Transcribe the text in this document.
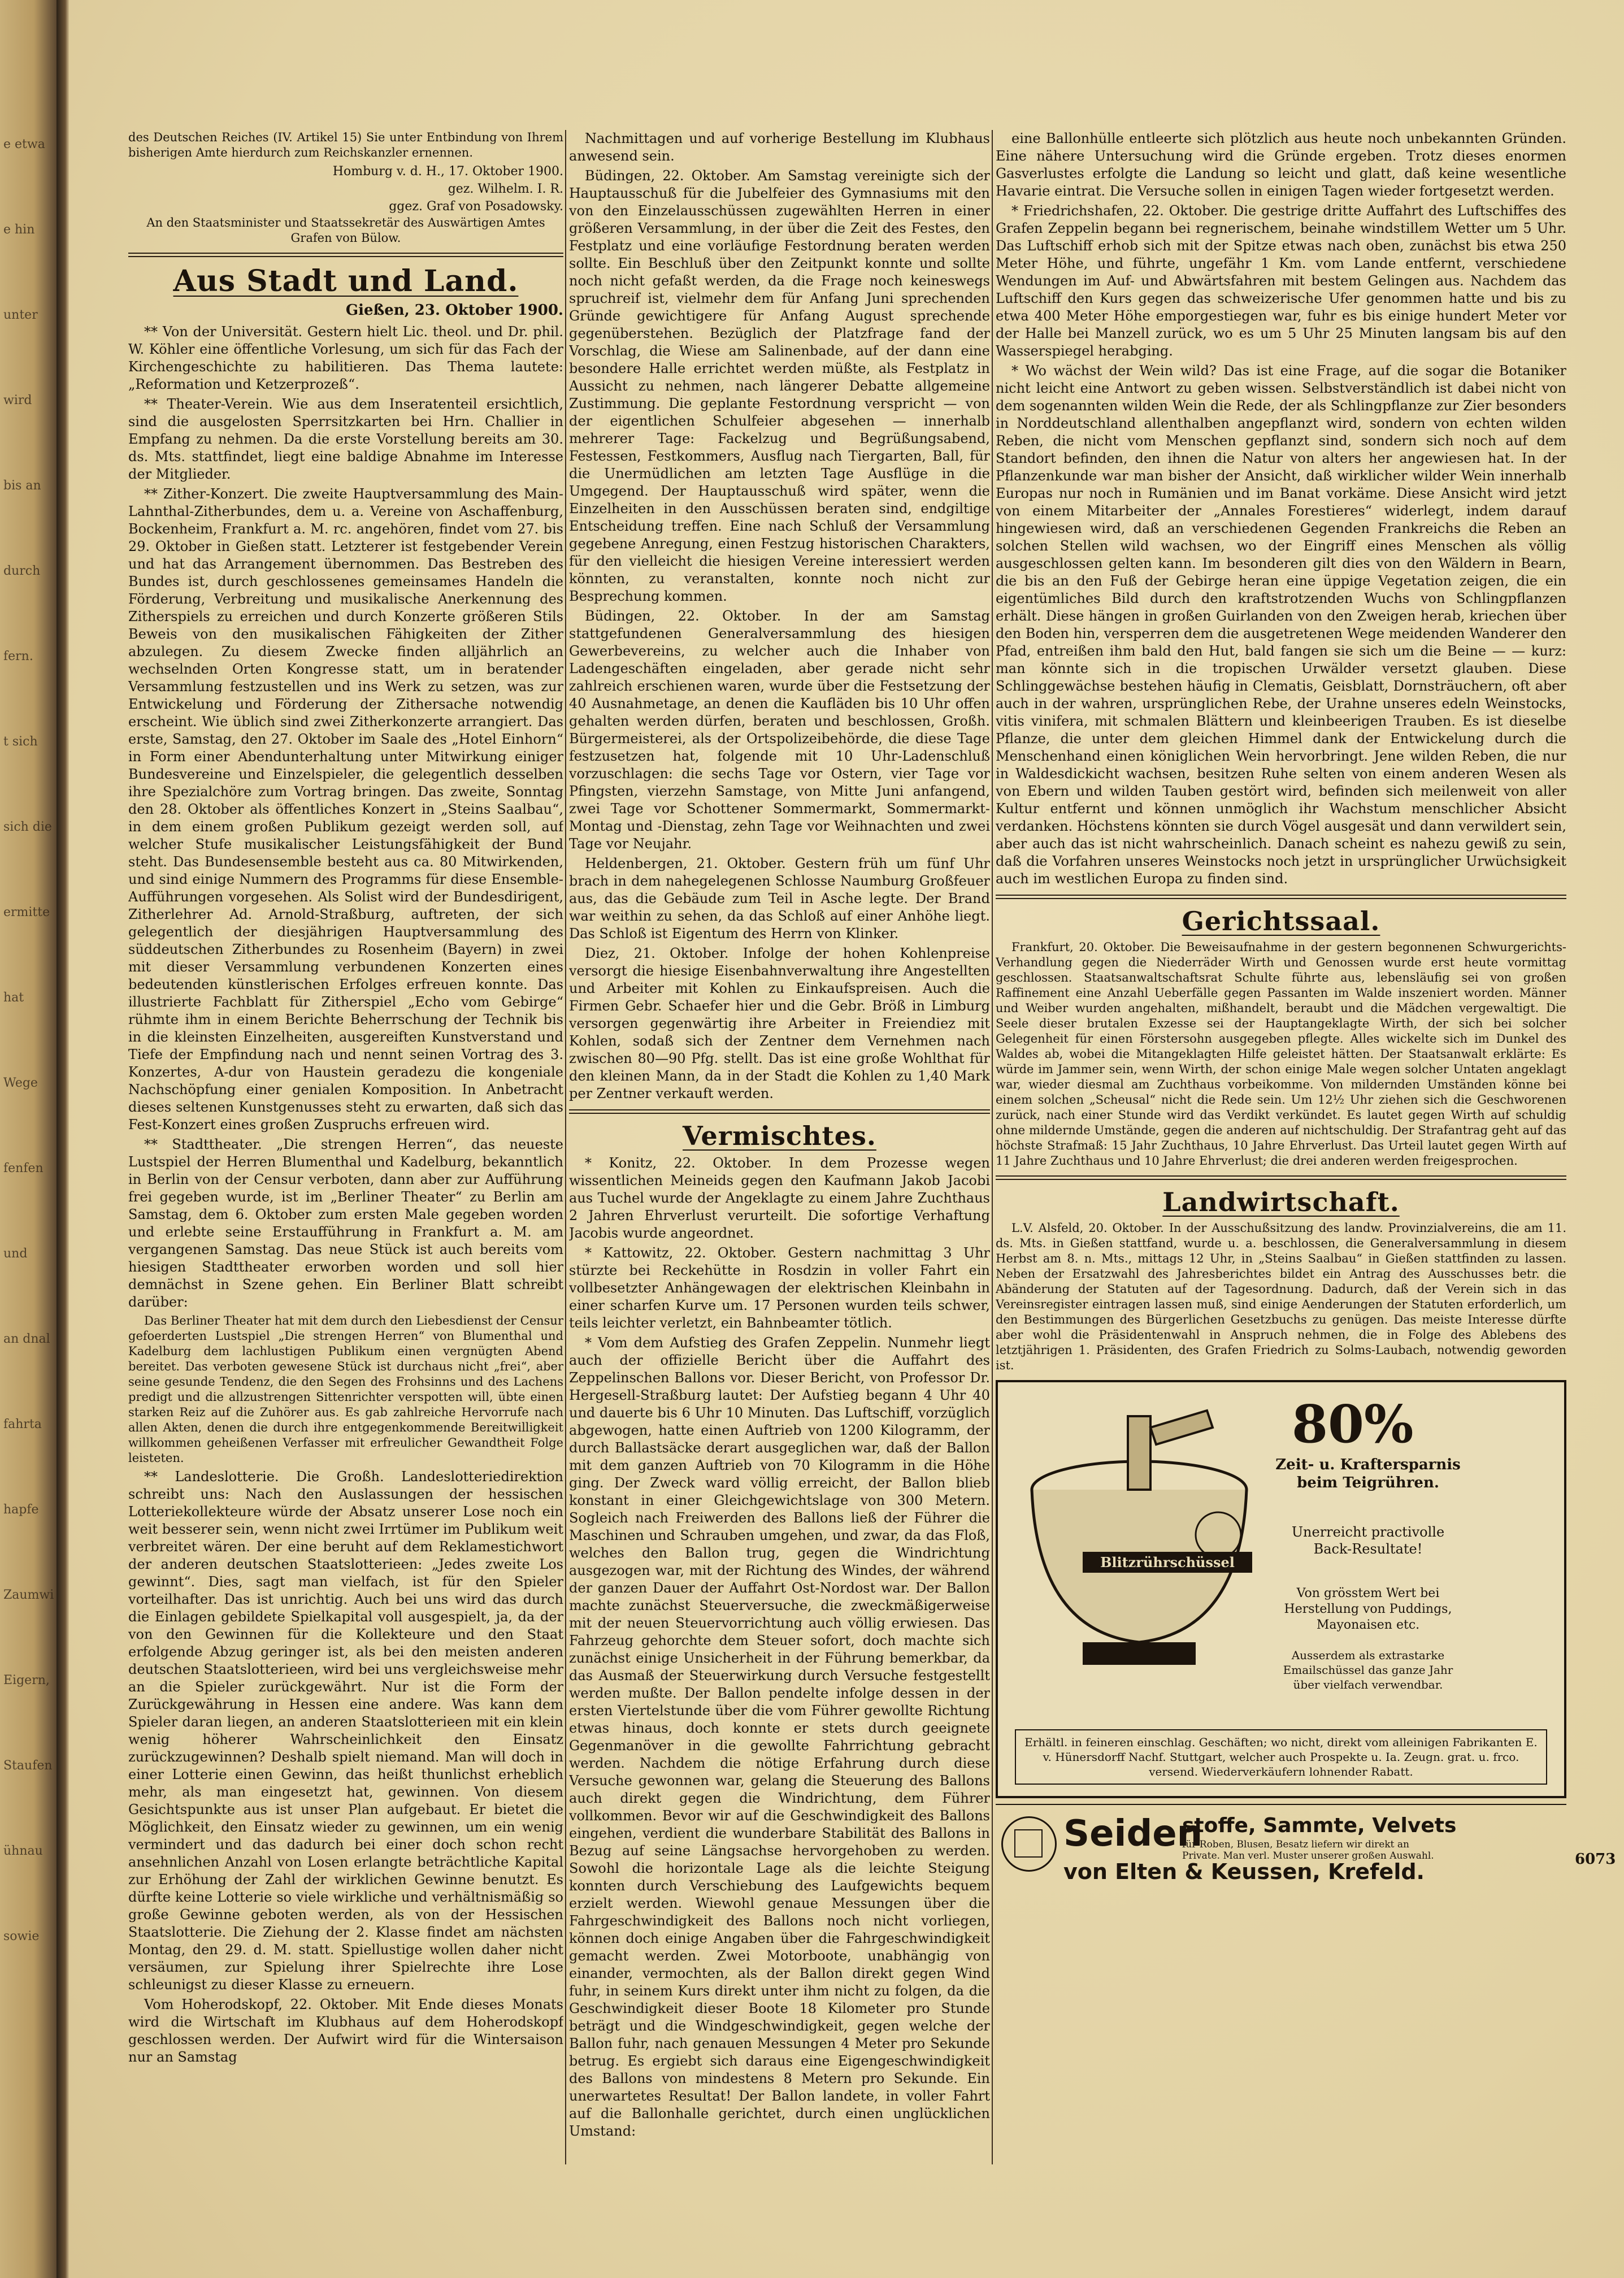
e etwa
e hin
unter
wird
bis an
durch
fern.
t sich
sich die
ermitte
hat
Wege
fenfen
und
an dnal
fahrta
hapfe
Zaumwi
Eigern,
Staufen
ühnau
sowie

des Deutschen Reiches (IV. Artikel 15) Sie unter Entbindung von Ihrem bisherigen Amte hierdurch zum Reichskanzler ernennen.

Homburg v. d. H., 17. Oktober 1900.

gez. Wilhelm. I. R.

ggez. Graf von Posadowsky.

An den Staatsminister und Staatssekretär des Auswärtigen Amtes Grafen von Bülow.

Aus Stadt und Land.
Gießen, 23. Oktober 1900.

** Von der Universität. Gestern hielt Lic. theol. und Dr. phil. W. Köhler eine öffentliche Vorlesung, um sich für das Fach der Kirchengeschichte zu habilitieren. Das Thema lautete: „Reformation und Ketzerprozeß“.

** Theater-Verein. Wie aus dem Inseratenteil ersichtlich, sind die ausgelosten Sperrsitzkarten bei Hrn. Challier in Empfang zu nehmen. Da die erste Vorstellung bereits am 30. ds. Mts. stattfindet, liegt eine baldige Abnahme im Interesse der Mitglieder.

** Zither-Konzert. Die zweite Hauptversammlung des Main-Lahnthal-Zitherbundes, dem u. a. Vereine von Aschaffenburg, Bockenheim, Frankfurt a. M. rc. angehören, findet vom 27. bis 29. Oktober in Gießen statt. Letzterer ist festgebender Verein und hat das Arrangement übernommen. Das Bestreben des Bundes ist, durch geschlossenes gemeinsames Handeln die Förderung, Verbreitung und musikalische Anerkennung des Zitherspiels zu erreichen und durch Konzerte größeren Stils Beweis von den musikalischen Fähigkeiten der Zither abzulegen. Zu diesem Zwecke finden alljährlich an wechselnden Orten Kongresse statt, um in beratender Versammlung festzustellen und ins Werk zu setzen, was zur Entwickelung und Förderung der Zithersache notwendig erscheint. Wie üblich sind zwei Zitherkonzerte arrangiert. Das erste, Samstag, den 27. Oktober im Saale des „Hotel Einhorn“ in Form einer Abendunterhaltung unter Mitwirkung einiger Bundesvereine und Einzelspieler, die gelegentlich desselben ihre Spezialchöre zum Vortrag bringen. Das zweite, Sonntag den 28. Oktober als öffentliches Konzert in „Steins Saalbau“, in dem einem großen Publikum gezeigt werden soll, auf welcher Stufe musikalischer Leistungsfähigkeit der Bund steht. Das Bundesensemble besteht aus ca. 80 Mitwirkenden, und sind einige Nummern des Programms für diese Ensemble-Aufführungen vorgesehen. Als Solist wird der Bundesdirigent, Zitherlehrer Ad. Arnold-Straßburg, auftreten, der sich gelegentlich der diesjährigen Hauptversammlung des süddeutschen Zitherbundes zu Rosenheim (Bayern) in zwei mit dieser Versammlung verbundenen Konzerten eines bedeutenden künstlerischen Erfolges erfreuen konnte. Das illustrierte Fachblatt für Zitherspiel „Echo vom Gebirge“ rühmte ihm in einem Berichte Beherrschung der Technik bis in die kleinsten Einzelheiten, ausgereiften Kunstverstand und Tiefe der Empfindung nach und nennt seinen Vortrag des 3. Konzertes, A-dur von Haustein geradezu die kongeniale Nachschöpfung einer genialen Komposition. In Anbetracht dieses seltenen Kunstgenusses steht zu erwarten, daß sich das Fest-Konzert eines großen Zuspruchs erfreuen wird.

** Stadttheater. „Die strengen Herren“, das neueste Lustspiel der Herren Blumenthal und Kadelburg, bekanntlich in Berlin von der Censur verboten, dann aber zur Aufführung frei gegeben wurde, ist im „Berliner Theater“ zu Berlin am Samstag, dem 6. Oktober zum ersten Male gegeben worden und erlebte seine Erstaufführung in Frankfurt a. M. am vergangenen Samstag. Das neue Stück ist auch bereits vom hiesigen Stadttheater erworben worden und soll hier demnächst in Szene gehen. Ein Berliner Blatt schreibt darüber:

Das Berliner Theater hat mit dem durch den Liebesdienst der Censur gefoerderten Lustspiel „Die strengen Herren“ von Blumenthal und Kadelburg dem lachlustigen Publikum einen vergnügten Abend bereitet. Das verboten gewesene Stück ist durchaus nicht „frei“, aber seine gesunde Tendenz, die den Segen des Frohsinns und des Lachens predigt und die allzustrengen Sittenrichter verspotten will, übte einen starken Reiz auf die Zuhörer aus. Es gab zahlreiche Hervorrufe nach allen Akten, denen die durch ihre entgegenkommende Bereitwilligkeit willkommen geheißenen Verfasser mit erfreulicher Gewandtheit Folge leisteten.

** Landeslotterie. Die Großh. Landeslotteriedirektion schreibt uns: Nach den Auslassungen der hessischen Lotteriekollekteure würde der Absatz unserer Lose noch ein weit besserer sein, wenn nicht zwei Irrtümer im Publikum weit verbreitet wären. Der eine beruht auf dem Reklamestichwort der anderen deutschen Staatslotterieen: „Jedes zweite Los gewinnt“. Dies, sagt man vielfach, ist für den Spieler vorteilhafter. Das ist unrichtig. Auch bei uns wird das durch die Einlagen gebildete Spielkapital voll ausgespielt, ja, da der von den Gewinnen für die Kollekteure und den Staat erfolgende Abzug geringer ist, als bei den meisten anderen deutschen Staatslotterieen, wird bei uns vergleichsweise mehr an die Spieler zurückgewährt. Nur ist die Form der Zurückgewährung in Hessen eine andere. Was kann dem Spieler daran liegen, an anderen Staatslotterieen mit ein klein wenig höherer Wahrscheinlichkeit den Einsatz zurückzugewinnen? Deshalb spielt niemand. Man will doch in einer Lotterie einen Gewinn, das heißt thunlichst erheblich mehr, als man eingesetzt hat, gewinnen. Von diesem Gesichtspunkte aus ist unser Plan aufgebaut. Er bietet die Möglichkeit, den Einsatz wieder zu gewinnen, um ein wenig vermindert und das dadurch bei einer doch schon recht ansehnlichen Anzahl von Losen erlangte beträchtliche Kapital zur Erhöhung der Zahl der wirklichen Gewinne benutzt. Es dürfte keine Lotterie so viele wirkliche und verhältnismäßig so große Gewinne geboten werden, als von der Hessischen Staatslotterie. Die Ziehung der 2. Klasse findet am nächsten Montag, den 29. d. M. statt. Spiellustige wollen daher nicht versäumen, zur Spielung ihrer Spielrechte ihre Lose schleunigst zu dieser Klasse zu erneuern.

Vom Hoherodskopf, 22. Oktober. Mit Ende dieses Monats wird die Wirtschaft im Klubhaus auf dem Hoherodskopf geschlossen werden. Der Aufwirt wird für die Wintersaison nur an Samstag

Nachmittagen und auf vorherige Bestellung im Klubhaus anwesend sein.

Büdingen, 22. Oktober. Am Samstag vereinigte sich der Hauptausschuß für die Jubelfeier des Gymnasiums mit den von den Einzelausschüssen zugewählten Herren in einer größeren Versammlung, in der über die Zeit des Festes, den Festplatz und eine vorläufige Festordnung beraten werden sollte. Ein Beschluß über den Zeitpunkt konnte und sollte noch nicht gefaßt werden, da die Frage noch keineswegs spruchreif ist, vielmehr dem für Anfang Juni sprechenden Gründe gewichtigere für Anfang August sprechende gegenüberstehen. Bezüglich der Platzfrage fand der Vorschlag, die Wiese am Salinenbade, auf der dann eine besondere Halle errichtet werden müßte, als Festplatz in Aussicht zu nehmen, nach längerer Debatte allgemeine Zustimmung. Die geplante Festordnung verspricht — von der eigentlichen Schulfeier abgesehen — innerhalb mehrerer Tage: Fackelzug und Begrüßungsabend, Festessen, Festkommers, Ausflug nach Tiergarten, Ball, für die Unermüdlichen am letzten Tage Ausflüge in die Umgegend. Der Hauptausschuß wird später, wenn die Einzelheiten in den Ausschüssen beraten sind, endgiltige Entscheidung treffen. Eine nach Schluß der Versammlung gegebene Anregung, einen Festzug historischen Charakters, für den vielleicht die hiesigen Vereine interessiert werden könnten, zu veranstalten, konnte noch nicht zur Besprechung kommen.

Büdingen, 22. Oktober. In der am Samstag stattgefundenen Generalversammlung des hiesigen Gewerbevereins, zu welcher auch die Inhaber von Ladengeschäften eingeladen, aber gerade nicht sehr zahlreich erschienen waren, wurde über die Festsetzung der 40 Ausnahmetage, an denen die Kaufläden bis 10 Uhr offen gehalten werden dürfen, beraten und beschlossen, Großh. Bürgermeisterei, als der Ortspolizeibehörde, die diese Tage festzusetzen hat, folgende mit 10 Uhr-Ladenschluß vorzuschlagen: die sechs Tage vor Ostern, vier Tage vor Pfingsten, vierzehn Samstage, von Mitte Juni anfangend, zwei Tage vor Schottener Sommermarkt, Sommermarkt-Montag und -Dienstag, zehn Tage vor Weihnachten und zwei Tage vor Neujahr.

Heldenbergen, 21. Oktober. Gestern früh um fünf Uhr brach in dem nahegelegenen Schlosse Naumburg Großfeuer aus, das die Gebäude zum Teil in Asche legte. Der Brand war weithin zu sehen, da das Schloß auf einer Anhöhe liegt. Das Schloß ist Eigentum des Herrn von Klinker.

Diez, 21. Oktober. Infolge der hohen Kohlenpreise versorgt die hiesige Eisenbahnverwaltung ihre Angestellten und Arbeiter mit Kohlen zu Einkaufspreisen. Auch die Firmen Gebr. Schaefer hier und die Gebr. Bröß in Limburg versorgen gegenwärtig ihre Arbeiter in Freiendiez mit Kohlen, sodaß sich der Zentner dem Vernehmen nach zwischen 80—90 Pfg. stellt. Das ist eine große Wohlthat für den kleinen Mann, da in der Stadt die Kohlen zu 1,40 Mark per Zentner verkauft werden.

Vermischtes.

* Konitz, 22. Oktober. In dem Prozesse wegen wissentlichen Meineids gegen den Kaufmann Jakob Jacobi aus Tuchel wurde der Angeklagte zu einem Jahre Zuchthaus 2 Jahren Ehrverlust verurteilt. Die sofortige Verhaftung Jacobis wurde angeordnet.

* Kattowitz, 22. Oktober. Gestern nachmittag 3 Uhr stürzte bei Reckehütte in Rosdzin in voller Fahrt ein vollbesetzter Anhängewagen der elektrischen Kleinbahn in einer scharfen Kurve um. 17 Personen wurden teils schwer, teils leichter verletzt, ein Bahnbeamter tötlich.

* Vom dem Aufstieg des Grafen Zeppelin. Nunmehr liegt auch der offizielle Bericht über die Auffahrt des Zeppelinschen Ballons vor. Dieser Bericht, von Professor Dr. Hergesell-Straßburg lautet: Der Aufstieg begann 4 Uhr 40 und dauerte bis 6 Uhr 10 Minuten. Das Luftschiff, vorzüglich abgewogen, hatte einen Auftrieb von 1200 Kilogramm, der durch Ballastsäcke derart ausgeglichen war, daß der Ballon mit dem ganzen Auftrieb von 70 Kilogramm in die Höhe ging. Der Zweck ward völlig erreicht, der Ballon blieb konstant in einer Gleichgewichtslage von 300 Metern. Sogleich nach Freiwerden des Ballons ließ der Führer die Maschinen und Schrauben umgehen, und zwar, da das Floß, welches den Ballon trug, gegen die Windrichtung ausgezogen war, mit der Richtung des Windes, der während der ganzen Dauer der Auffahrt Ost-Nordost war. Der Ballon machte zunächst Steuerversuche, die zweckmäßigerweise mit der neuen Steuervorrichtung auch völlig erwiesen. Das Fahrzeug gehorchte dem Steuer sofort, doch machte sich zunächst einige Unsicherheit in der Führung bemerkbar, da das Ausmaß der Steuerwirkung durch Versuche festgestellt werden mußte. Der Ballon pendelte infolge dessen in der ersten Viertelstunde über die vom Führer gewollte Richtung etwas hinaus, doch konnte er stets durch geeignete Gegenmanöver in die gewollte Fahrrichtung gebracht werden. Nachdem die nötige Erfahrung durch diese Versuche gewonnen war, gelang die Steuerung des Ballons auch direkt gegen die Windrichtung, dem Führer vollkommen. Bevor wir auf die Geschwindigkeit des Ballons eingehen, verdient die wunderbare Stabilität des Ballons in Bezug auf seine Längsachse hervorgehoben zu werden. Sowohl die horizontale Lage als die leichte Steigung konnten durch Verschiebung des Laufgewichts bequem erzielt werden. Wiewohl genaue Messungen über die Fahrgeschwindigkeit des Ballons noch nicht vorliegen, können doch einige Angaben über die Fahrgeschwindigkeit gemacht werden. Zwei Motorboote, unabhängig von einander, vermochten, als der Ballon direkt gegen Wind fuhr, in seinem Kurs direkt unter ihm nicht zu folgen, da die Geschwindigkeit dieser Boote 18 Kilometer pro Stunde beträgt und die Windgeschwindigkeit, gegen welche der Ballon fuhr, nach genauen Messungen 4 Meter pro Sekunde betrug. Es ergiebt sich daraus eine Eigengeschwindigkeit des Ballons von mindestens 8 Metern pro Sekunde. Ein unerwartetes Resultat! Der Ballon landete, in voller Fahrt auf die Ballonhalle gerichtet, durch einen unglücklichen Umstand:

eine Ballonhülle entleerte sich plötzlich aus heute noch unbekannten Gründen. Eine nähere Untersuchung wird die Gründe ergeben. Trotz dieses enormen Gasverlustes erfolgte die Landung so leicht und glatt, daß keine wesentliche Havarie eintrat. Die Versuche sollen in einigen Tagen wieder fortgesetzt werden.

* Friedrichshafen, 22. Oktober. Die gestrige dritte Auffahrt des Luftschiffes des Grafen Zeppelin begann bei regnerischem, beinahe windstillem Wetter um 5 Uhr. Das Luftschiff erhob sich mit der Spitze etwas nach oben, zunächst bis etwa 250 Meter Höhe, und führte, ungefähr 1 Km. vom Lande entfernt, verschiedene Wendungen im Auf- und Abwärtsfahren mit bestem Gelingen aus. Nachdem das Luftschiff den Kurs gegen das schweizerische Ufer genommen hatte und bis zu etwa 400 Meter Höhe emporgestiegen war, fuhr es bis einige hundert Meter vor der Halle bei Manzell zurück, wo es um 5 Uhr 25 Minuten langsam bis auf den Wasserspiegel herabging.

* Wo wächst der Wein wild? Das ist eine Frage, auf die sogar die Botaniker nicht leicht eine Antwort zu geben wissen. Selbstverständlich ist dabei nicht von dem sogenannten wilden Wein die Rede, der als Schlingpflanze zur Zier besonders in Norddeutschland allenthalben angepflanzt wird, sondern von echten wilden Reben, die nicht vom Menschen gepflanzt sind, sondern sich noch auf dem Standort befinden, den ihnen die Natur von alters her angewiesen hat. In der Pflanzenkunde war man bisher der Ansicht, daß wirklicher wilder Wein innerhalb Europas nur noch in Rumänien und im Banat vorkäme. Diese Ansicht wird jetzt von einem Mitarbeiter der „Annales Forestieres“ widerlegt, indem darauf hingewiesen wird, daß an verschiedenen Gegenden Frankreichs die Reben an solchen Stellen wild wachsen, wo der Eingriff eines Menschen als völlig ausgeschlossen gelten kann. Im besonderen gilt dies von den Wäldern in Bearn, die bis an den Fuß der Gebirge heran eine üppige Vegetation zeigen, die ein eigentümliches Bild durch den kraftstrotzenden Wuchs von Schlingpflanzen erhält. Diese hängen in großen Guirlanden von den Zweigen herab, kriechen über den Boden hin, versperren dem die ausgetretenen Wege meidenden Wanderer den Pfad, entreißen ihm bald den Hut, bald fangen sie sich um die Beine — — kurz: man könnte sich in die tropischen Urwälder versetzt glauben. Diese Schlinggewächse bestehen häufig in Clematis, Geisblatt, Dornsträuchern, oft aber auch in der wahren, ursprünglichen Rebe, der Urahne unseres edeln Weinstocks, vitis vinifera, mit schmalen Blättern und kleinbeerigen Trauben. Es ist dieselbe Pflanze, die unter dem gleichen Himmel dank der Entwickelung durch die Menschenhand einen königlichen Wein hervorbringt. Jene wilden Reben, die nur in Waldesdickicht wachsen, besitzen Ruhe selten von einem anderen Wesen als von Ebern und wilden Tauben gestört wird, befinden sich meilenweit von aller Kultur entfernt und können unmöglich ihr Wachstum menschlicher Absicht verdanken. Höchstens könnten sie durch Vögel ausgesät und dann verwildert sein, aber auch das ist nicht wahrscheinlich. Danach scheint es nahezu gewiß zu sein, daß die Vorfahren unseres Weinstocks noch jetzt in ursprünglicher Urwüchsigkeit auch im westlichen Europa zu finden sind.

Gerichtssaal.

Frankfurt, 20. Oktober. Die Beweisaufnahme in der gestern begonnenen Schwurgerichts-Verhandlung gegen die Niederräder Wirth und Genossen wurde erst heute vormittag geschlossen. Staatsanwaltschaftsrat Schulte führte aus, lebensläufig sei von großen Raffinement eine Anzahl Ueberfälle gegen Passanten im Walde inszeniert worden. Männer und Weiber wurden angehalten, mißhandelt, beraubt und die Mädchen vergewaltigt. Die Seele dieser brutalen Exzesse sei der Hauptangeklagte Wirth, der sich bei solcher Gelegenheit für einen Förstersohn ausgegeben pflegte. Alles wickelte sich im Dunkel des Waldes ab, wobei die Mitangeklagten Hilfe geleistet hätten. Der Staatsanwalt erklärte: Es würde im Jammer sein, wenn Wirth, der schon einige Male wegen solcher Untaten angeklagt war, wieder diesmal am Zuchthaus vorbeikomme. Von mildernden Umständen könne bei einem solchen „Scheusal“ nicht die Rede sein. Um 12½ Uhr ziehen sich die Geschworenen zurück, nach einer Stunde wird das Verdikt verkündet. Es lautet gegen Wirth auf schuldig ohne mildernde Umstände, gegen die anderen auf nichtschuldig. Der Strafantrag geht auf das höchste Strafmaß: 15 Jahr Zuchthaus, 10 Jahre Ehrverlust. Das Urteil lautet gegen Wirth auf 11 Jahre Zuchthaus und 10 Jahre Ehrverlust; die drei anderen werden freigesprochen.

Landwirtschaft.

L.V. Alsfeld, 20. Oktober. In der Ausschußsitzung des landw. Provinzialvereins, die am 11. ds. Mts. in Gießen stattfand, wurde u. a. beschlossen, die Generalversammlung in diesem Herbst am 8. n. Mts., mittags 12 Uhr, in „Steins Saalbau“ in Gießen stattfinden zu lassen. Neben der Ersatzwahl des Jahresberichtes bildet ein Antrag des Ausschusses betr. die Abänderung der Statuten auf der Tagesordnung. Dadurch, daß der Verein sich in das Vereinsregister eintragen lassen muß, sind einige Aenderungen der Statuten erforderlich, um den Bestimmungen des Bürgerlichen Gesetzbuchs zu genügen. Das meiste Interesse dürfte aber wohl die Präsidentenwahl in Anspruch nehmen, die in Folge des Ablebens des letztjährigen 1. Präsidenten, des Grafen Friedrich zu Solms-Laubach, notwendig geworden ist.

Blitzrührschüssel
80%
Zeit- u. Kraftersparnis beim Teigrühren.
Unerreicht practivolle Back-Resultate!
Von grösstem Wert bei Herstellung von Puddings, Mayonaisen etc.
Ausserdem als extrastarke Emailschüssel das ganze Jahr über vielfach verwendbar.
Erhältl. in feineren einschlag. Geschäften; wo nicht, direkt vom alleinigen Fabrikanten E. v. Hünersdorff Nachf. Stuttgart, welcher auch Prospekte u. Ia. Zeugn. grat. u. frco. versend. Wiederverkäufern lohnender Rabatt.
Seiden
stoffe, Sammte, Velvets
für Roben, Blusen, Besatz liefern wir direkt an Private. Man verl. Muster unserer großen Auswahl.
von Elten & Keussen, Krefeld.	6073
